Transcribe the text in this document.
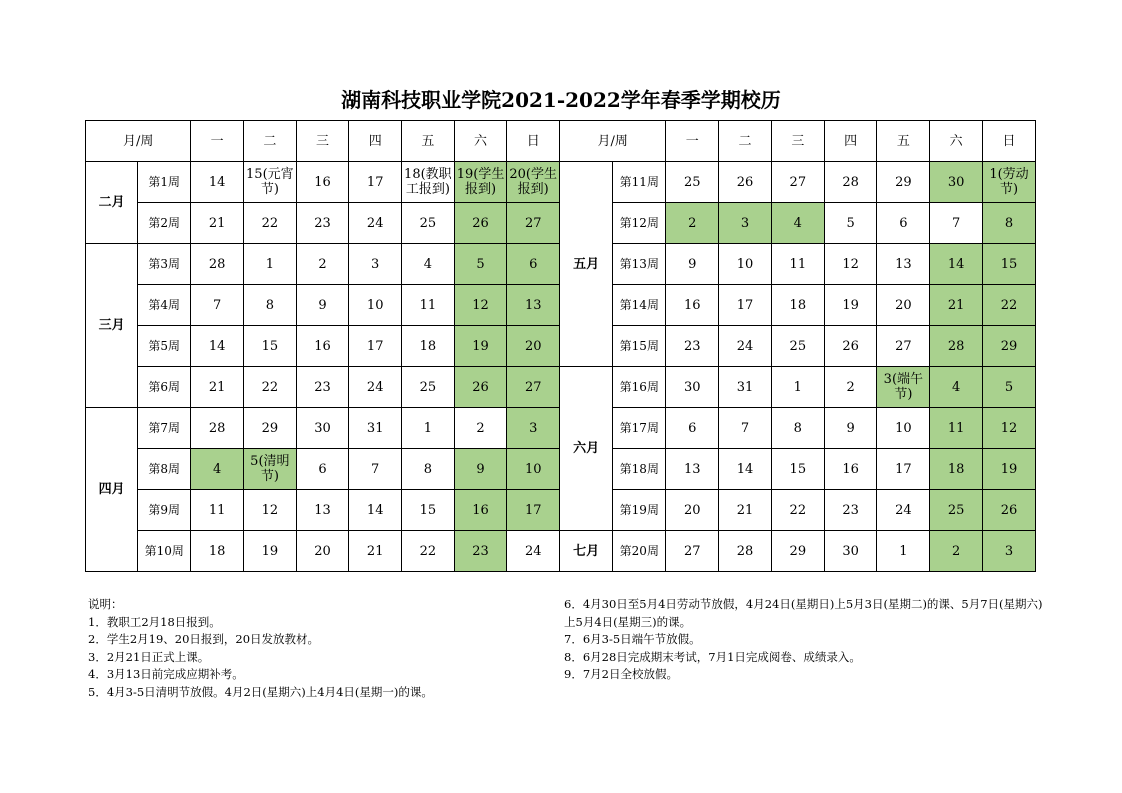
湖南科技职业学院2021-2022学年春季学期校历
月/周		一	二	三	四	五	六	日	月/周		一	二	三	四	五	六	日
二月	第1周	14	15(元宵节)	16	17	18(教职工报到)	19(学生报到)	20(学生报到)	五月	第11周	25	26	27	28	29	30	1(劳动节)
	第2周	21	22	23	24	25	26	27		第12周	2	3	4	5	6	7	8
三月	第3周	28	1	2	3	4	5	6		第13周	9	10	11	12	13	14	15
	第4周	7	8	9	10	11	12	13		第14周	16	17	18	19	20	21	22
	第5周	14	15	16	17	18	19	20		第15周	23	24	25	26	27	28	29
	第6周	21	22	23	24	25	26	27	六月	第16周	30	31	1	2	3(端午节)	4	5
四月	第7周	28	29	30	31	1	2	3		第17周	6	7	8	9	10	11	12
	第8周	4	5(清明节)	6	7	8	9	10		第18周	13	14	15	16	17	18	19
	第9周	11	12	13	14	15	16	17		第19周	20	21	22	23	24	25	26
	第10周	18	19	20	21	22	23	24	七月	第20周	27	28	29	30	1	2	3
说明：
1．教职工2月18日报到。
2．学生2月19、20日报到，20日发放教材。
3．2月21日正式上课。
4．3月13日前完成应期补考。
5．4月3-5日清明节放假。4月2日(星期六)上4月4日(星期一)的课。
6．4月30日至5月4日劳动节放假，4月24日(星期日)上5月3日(星期二)的课、5月7日(星期六)上5月4日(星期三)的课。
7．6月3-5日端午节放假。
8．6月28日完成期末考试，7月1日完成阅卷、成绩录入。
9．7月2日全校放假。
